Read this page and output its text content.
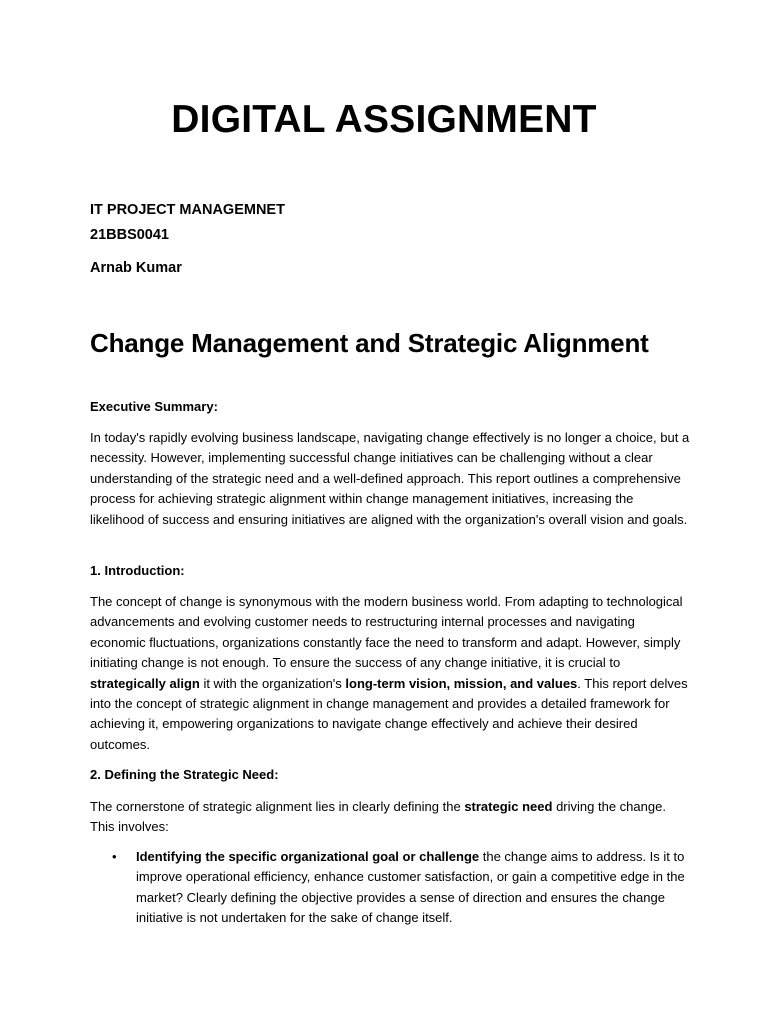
DIGITAL ASSIGNMENT

IT PROJECT MANAGEMNET

21BBS0041

Arnab Kumar

Change Management and Strategic Alignment

Executive Summary:

In today's rapidly evolving business landscape, navigating change effectively is no longer a choice, but a necessity. However, implementing successful change initiatives can be challenging without a clear understanding of the strategic need and a well-defined approach. This report outlines a comprehensive process for achieving strategic alignment within change management initiatives, increasing the likelihood of success and ensuring initiatives are aligned with the organization's overall vision and goals.

1. Introduction:

The concept of change is synonymous with the modern business world. From adapting to technological advancements and evolving customer needs to restructuring internal processes and navigating economic fluctuations, organizations constantly face the need to transform and adapt. However, simply initiating change is not enough. To ensure the success of any change initiative, it is crucial to strategically align it with the organization's long-term vision, mission, and values. This report delves into the concept of strategic alignment in change management and provides a detailed framework for achieving it, empowering organizations to navigate change effectively and achieve their desired outcomes.

2. Defining the Strategic Need:

The cornerstone of strategic alignment lies in clearly defining the strategic need driving the change. This involves:

• Identifying the specific organizational goal or challenge the change aims to address. Is it to improve operational efficiency, enhance customer satisfaction, or gain a competitive edge in the market? Clearly defining the objective provides a sense of direction and ensures the change initiative is not undertaken for the sake of change itself.
